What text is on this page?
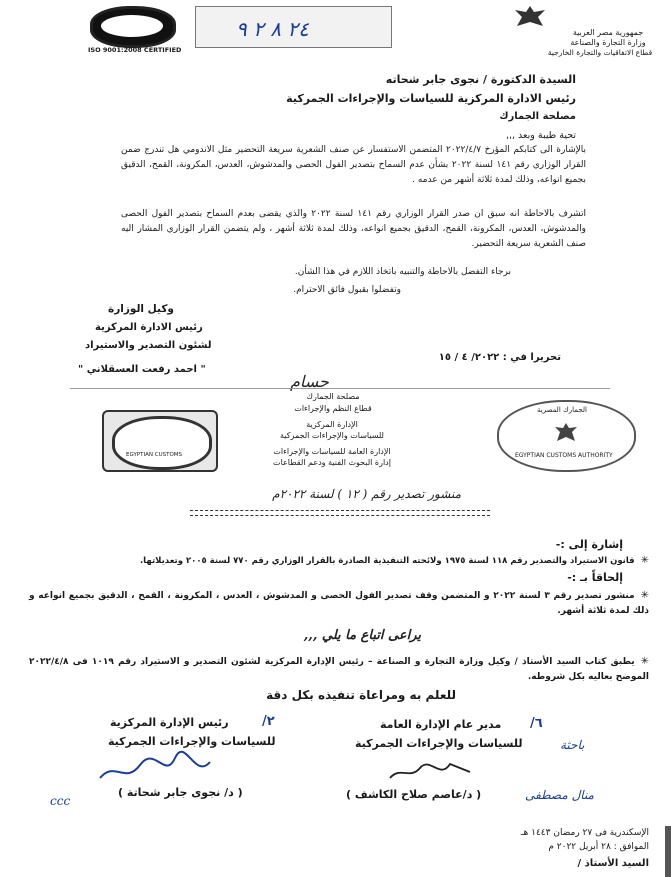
جمهورية مصر العربية
وزارة التجارة والصناعة
قطاع الاتفاقيات والتجارة الخارجية
٢٤ ٨ ٢ ٩
ISO 9001:2008 CERTIFIED
السيدة الدكتورة / نجوى جابر شحاته
رئيس الادارة المركزية للسياسات والإجراءات الجمركية
مصلحة الجمارك
تحية طيبة وبعد ,,,
بالإشارة الى كتابكم المؤرخ ٢٠٢٢/٤/٧ المتضمن الاستفسار عن صنف الشعرية سريعة التحضير مثل الاندومي هل تندرج ضمن القرار الوزاري رقم ١٤١ لسنة ٢٠٢٢ بشأن عدم السماح بتصدير الفول الحصى والمدشوش، العدس، المكرونة، القمح، الدقيق بجميع انواعه، وذلك لمدة ثلاثة أشهر من عدمه .
اتشرف بالاحاطة انه سبق ان صدر القرار الوزاري رقم ١٤١ لسنة ٢٠٢٢ والذي يقضى بعدم السماح بتصدير الفول الحصى والمدشوش، العدس، المكرونة، القمح، الدقيق بجميع انواعه، وذلك لمدة ثلاثة أشهر ، ولم يتضمن القرار الوزاري المشار اليه صنف الشعرية سريعة التحضير.
برجاء التفضل بالاحاطة والتنبيه باتخاذ اللازم في هذا الشأن.
وتفضلوا بقبول فائق الاحترام.
وكيل الوزارة
رئيس الادارة المركزية
لشئون التصدير والاستيراد
" احمد رفعت العسقلاني "
تحريرا في : ٢٠٢٢/ ٤ / ١٥
حسام
الجمارك المصرية
EGYPTIAN CUSTOMS AUTHORITY
مصلحة الجمارك
قطاع النظم والإجراءات
الإدارة المركزية
للسياسات والإجراءات الجمركية
الإدارة العامة للسياسات والإجراءات
إدارة البحوث الفنية ودعم القطاعات
EGYPTIAN CUSTOMS
منشور تصدير رقم ( ١٢ ) لسنة ٢٠٢٢م
إشارة إلى :-
✳ قانون الاستيراد والتصدير رقم ١١٨ لسنة ١٩٧٥ ولائحته التنفيذية الصادرة بالقرار الوزاري رقم ٧٧٠ لسنة ٢٠٠٥ وتعديلاتها.
إلحاقاً بـ :-
✳ منشور تصدير رقم ٣ لسنة ٢٠٢٢ و المتضمن وقف تصدير الفول الحصى و المدشوش ، العدس ، المكرونة ، القمح ، الدقيق بجميع انواعه و ذلك لمدة ثلاثة أشهر.
يراعى اتباع ما يلي ,,,
✳ يطبق كتاب السيد الأستاذ / وكيل وزارة التجارة و الصناعة – رئيس الإدارة المركزية لشئون التصدير و الاستيراد رقم ١٠١٩ فى ٢٠٢٢/٤/٨ الموضح بعاليه بكل شروطه.
للعلم به ومراعاة تنفيذه بكل دقة
٢/
رئيس الإدارة المركزية
للسياسات والإجراءات الجمركية
٦/
مدير عام الإدارة العامة
للسياسات والإجراءات الجمركية	باحثة
( د/ نجوى جابر شحاتة )	( د/عاصم صلاح الكاشف )
ccc	منال مصطفى
الإسكندرية فى ٢٧ رمضان ١٤٤٣ هـ
الموافق : ٢٨ أبريل ٢٠٢٢ م
السيد الأستاذ /
